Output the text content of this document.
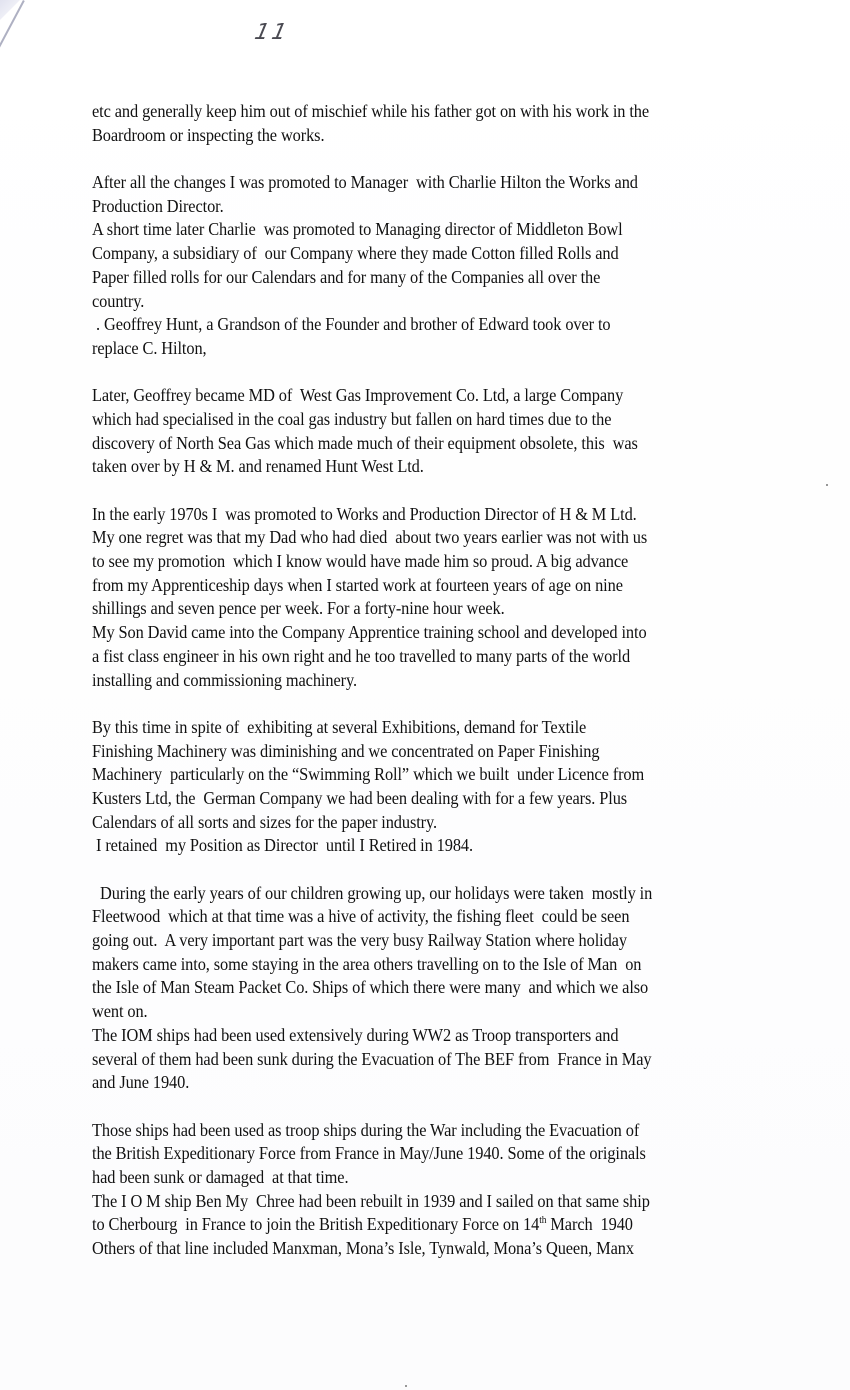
11
etc and generally keep him out of mischief while his father got on with his work in the
Boardroom or inspecting the works.
After all the changes I was promoted to Manager  with Charlie Hilton the Works and
Production Director.
A short time later Charlie  was promoted to Managing director of Middleton Bowl
Company, a subsidiary of  our Company where they made Cotton filled Rolls and
Paper filled rolls for our Calendars and for many of the Companies all over the
country.
. Geoffrey Hunt, a Grandson of the Founder and brother of Edward took over to
replace C. Hilton,
Later, Geoffrey became MD of  West Gas Improvement Co. Ltd, a large Company
which had specialised in the coal gas industry but fallen on hard times due to the
discovery of North Sea Gas which made much of their equipment obsolete, this  was
taken over by H & M. and renamed Hunt West Ltd.
In the early 1970s I  was promoted to Works and Production Director of H & M Ltd.
My one regret was that my Dad who had died  about two years earlier was not with us
to see my promotion  which I know would have made him so proud. A big advance
from my Apprenticeship days when I started work at fourteen years of age on nine
shillings and seven pence per week. For a forty-nine hour week.
My Son David came into the Company Apprentice training school and developed into
a fist class engineer in his own right and he too travelled to many parts of the world
installing and commissioning machinery.
By this time in spite of  exhibiting at several Exhibitions, demand for Textile
Finishing Machinery was diminishing and we concentrated on Paper Finishing
Machinery  particularly on the “Swimming Roll” which we built  under Licence from
Kusters Ltd, the  German Company we had been dealing with for a few years. Plus
Calendars of all sorts and sizes for the paper industry.
I retained  my Position as Director  until I Retired in 1984.
During the early years of our children growing up, our holidays were taken  mostly in
Fleetwood  which at that time was a hive of activity, the fishing fleet  could be seen
going out.  A very important part was the very busy Railway Station where holiday
makers came into, some staying in the area others travelling on to the Isle of Man  on
the Isle of Man Steam Packet Co. Ships of which there were many  and which we also
went on.
The IOM ships had been used extensively during WW2 as Troop transporters and
several of them had been sunk during the Evacuation of The BEF from  France in May
and June 1940.
Those ships had been used as troop ships during the War including the Evacuation of
the British Expeditionary Force from France in May/June 1940. Some of the originals
had been sunk or damaged  at that time.
The I O M ship Ben My  Chree had been rebuilt in 1939 and I sailed on that same ship
to Cherbourg  in France to join the British Expeditionary Force on 14th March  1940
Others of that line included Manxman, Mona’s Isle, Tynwald, Mona’s Queen, Manx
